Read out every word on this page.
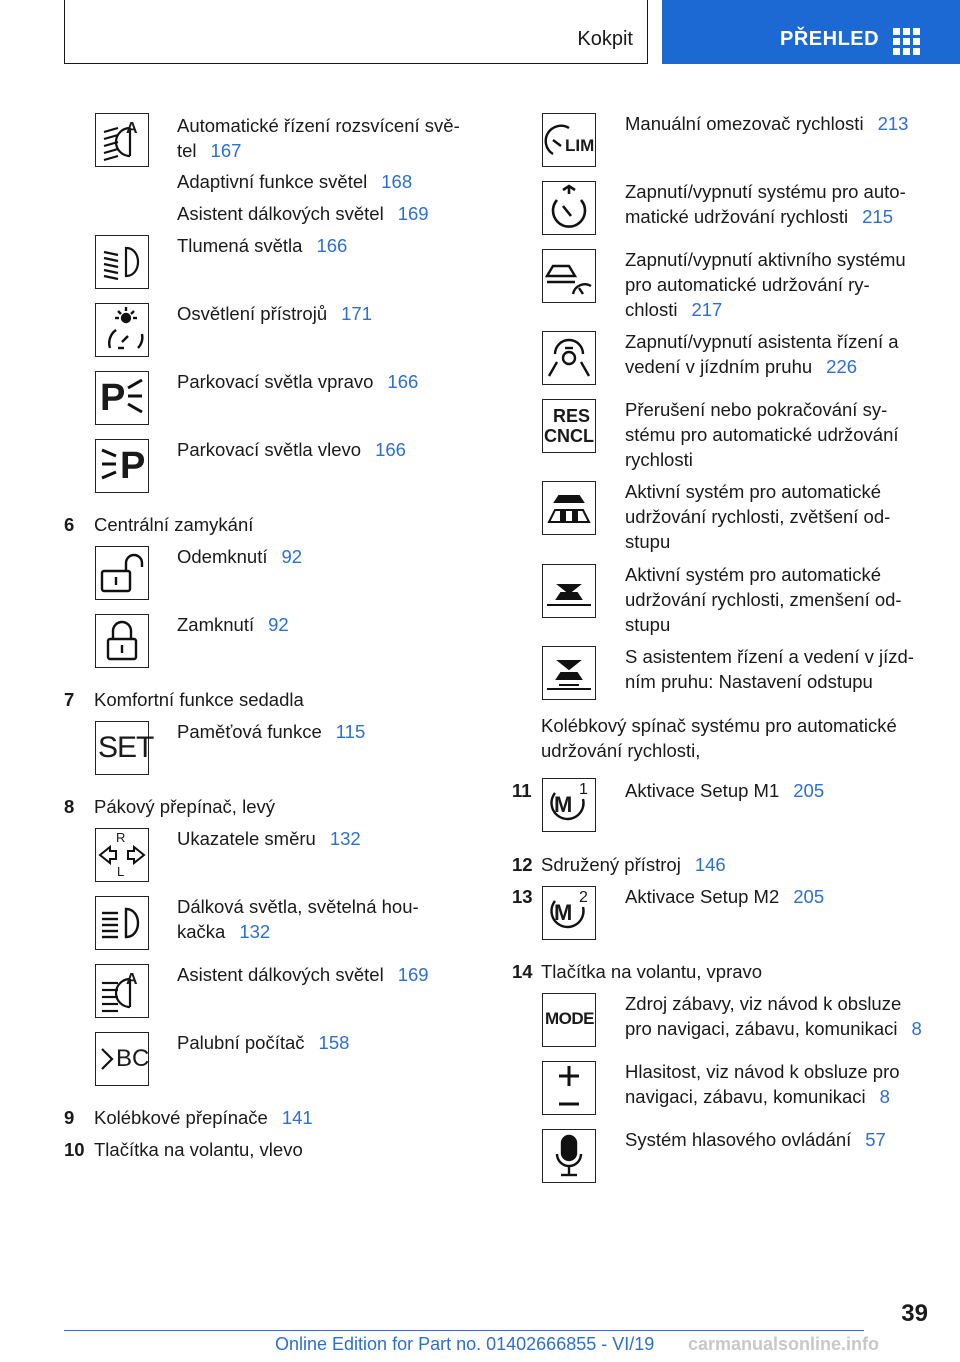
Kokpit	PŘEHLED
A Automatické řízení rozsvícení svě-
tel 167
Adaptivní funkce světel 168
Asistent dálkových světel 169
Tlumená světla 166
Osvětlení přístrojů 171
P	Parkovací světla vpravo 166
P Parkovací světla vlevo 166
6 Centrální zamykání
Odemknutí 92
Zamknutí 92
7 Komfortní funkce sedadla
SET Paměťová funkce 115
8 Pákový přepínač, levý
R
L
Ukazatele směru 132
Dálková světla, světelná hou-
kačka 132
A Asistent dálkových světel 169
BC
Palubní počítač 158
9 Kolébkové přepínače 141
10 Tlačítka na volantu, vlevo
LIM
Manuální omezovač rychlosti 213
Zapnutí/vypnutí systému pro auto-
matické udržování rychlosti 215
Zapnutí/vypnutí aktivního systému
pro automatické udržování ry-
chlosti 217
Zapnutí/vypnutí asistenta řízení a
vedení v jízdním pruhu 226
RES
CNCL
Přerušení nebo pokračování sy-
stému pro automatické udržování
rychlosti
Aktivní systém pro automatické
udržování rychlosti, zvětšení od-
stupu
Aktivní systém pro automatické
udržování rychlosti, zmenšení od-
stupu
S asistentem řízení a vedení v jízd-
ním pruhu: Nastavení odstupu
Kolébkový spínač systému pro automatické
udržování rychlosti,
11
M
1 Aktivace Setup M1 205
12 Sdružený přístroj 146
13
M
2 Aktivace Setup M2 205
14 Tlačítka na volantu, vpravo
MODE
Zdroj zábavy, viz návod k obsluze
pro navigaci, zábavu, komunikaci 8
Hlasitost, viz návod k obsluze pro
navigaci, zábavu, komunikaci 8
Systém hlasového ovládání 57
39
Online Edition for Part no. 01402666855 - VI/19 carmanualsonline.info
